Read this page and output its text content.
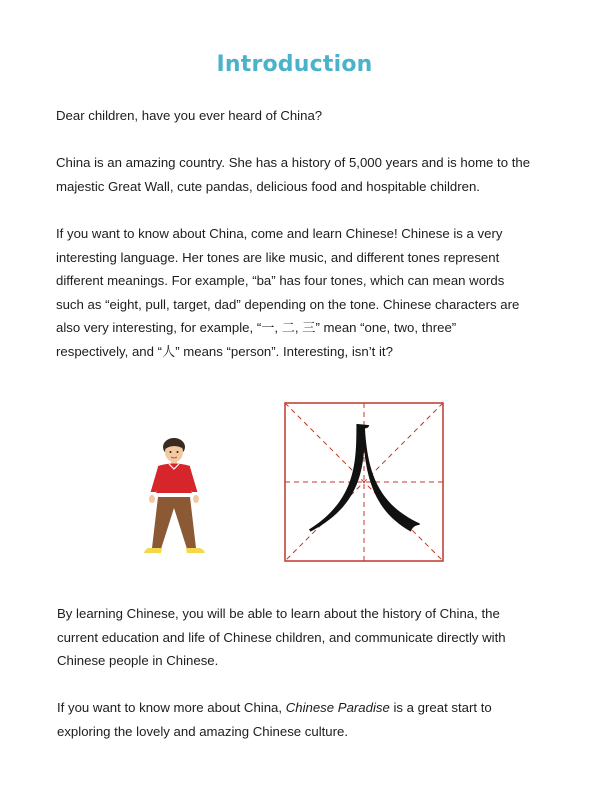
Introduction

Dear children, have you ever heard of China?

China is an amazing country. She has a history of 5,000 years and is home to the majestic Great Wall, cute pandas, delicious food and hospitable children.

If you want to know about China, come and learn Chinese! Chinese is a very interesting language. Her tones are like music, and different tones represent different meanings. For example, “ba” has four tones, which can mean words such as “eight, pull, target, dad” depending on the tone. Chinese characters are also very interesting, for example, “一, 二, 三” mean “one, two, three” respectively, and “人” means “person”. Interesting, isn’t it?

人

By learning Chinese, you will be able to learn about the history of China, the current education and life of Chinese children, and communicate directly with Chinese people in Chinese.

If you want to know more about China, Chinese Paradise is a great start to exploring the lovely and amazing Chinese culture.
